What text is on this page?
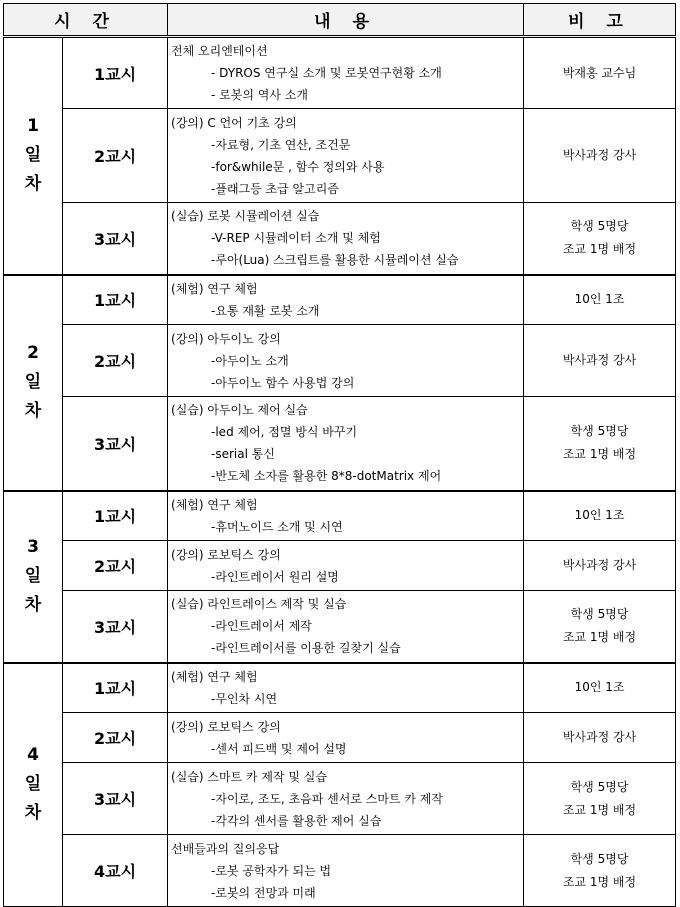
시 간		내 용	비 고

1
일
차	1교시	전체 오리엔테이션
- DYROS 연구실 소개 및 로봇연구현황 소개
- 로봇의 역사 소개	박재홍 교수님

	2교시	(강의) C 언어 기초 강의
-자료형, 기초 연산, 조건문
-for&while문 , 함수 정의와 사용
-플래그등 초급 알고리즘	박사과정 강사

	3교시	(실습) 로봇 시뮬레이션 실습
-V-REP 시뮬레이터 소개 및 체험
-루아(Lua) 스크립트를 활용한 시뮬레이션 실습	학생 5명당
조교 1명 배정

2
일
차	1교시	(체험) 연구 체험
-요통 재활 로봇 소개	10인 1조

	2교시	(강의) 아두이노 강의
-아두이노 소개
-아두이노 함수 사용법 강의	박사과정 강사

	3교시	(실습) 아두이노 제어 실습
-led 제어, 점멸 방식 바꾸기
-serial 통신
-반도체 소자를 활용한 8*8-dotMatrix 제어	학생 5명당
조교 1명 배정

3
일
차	1교시	(체험) 연구 체험
-휴머노이드 소개 및 시연	10인 1조

	2교시	(강의) 로보틱스 강의
-라인트레이서 원리 설명	박사과정 강사

	3교시	(실습) 라인트레이스 제작 및 실습
-라인트레이서 제작
-라인트레이서를 이용한 길찾기 실습	학생 5명당
조교 1명 배정

4
일
차	1교시	(체험) 연구 체험
-무인차 시연	10인 1조

	2교시	(강의) 로보틱스 강의
-센서 피드백 및 제어 설명	박사과정 강사

	3교시	(실습) 스마트 카 제작 및 실습
-자이로, 조도, 초음파 센서로 스마트 카 제작
-각각의 센서를 활용한 제어 실습	학생 5명당
조교 1명 배정

	4교시	선배들과의 질의응답
-로봇 공학자가 되는 법
-로봇의 전망과 미래	학생 5명당
조교 1명 배정
